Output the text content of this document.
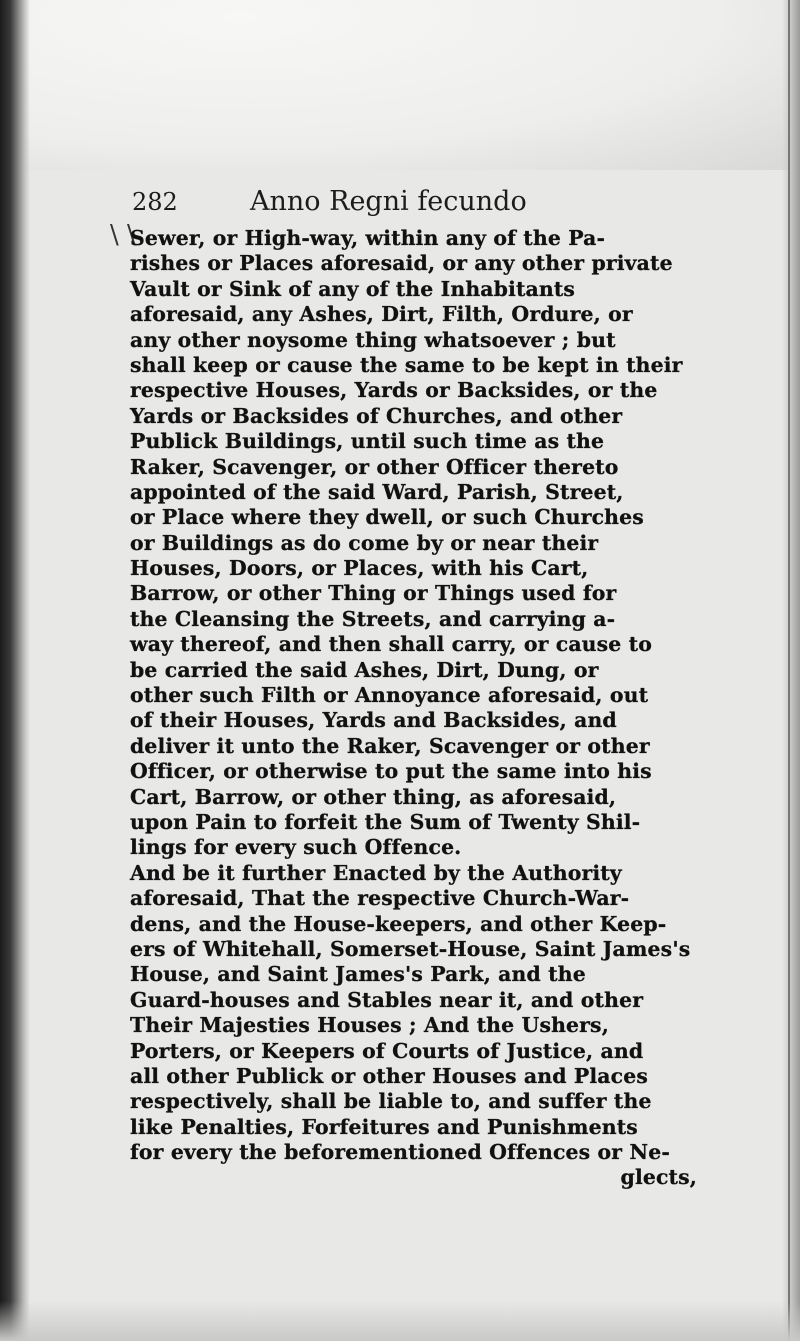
\ \
282	Anno Regni fecundo
Sewer, or High-way, within any of the Pa-
rishes or Places aforesaid, or any other private
Vault or Sink of any of the Inhabitants
aforesaid, any Ashes, Dirt, Filth, Ordure, or
any other noysome thing whatsoever ; but
shall keep or cause the same to be kept in their
respective Houses, Yards or Backsides, or the
Yards or Backsides of Churches, and other
Publick Buildings, until such time as the
Raker, Scavenger, or other Officer thereto
appointed of the said Ward, Parish, Street,
or Place where they dwell, or such Churches
or Buildings as do come by or near their
Houses, Doors, or Places, with his Cart,
Barrow, or other Thing or Things used for
the Cleansing the Streets, and carrying a-
way thereof, and then shall carry, or cause to
be carried the said Ashes, Dirt, Dung, or
other such Filth or Annoyance aforesaid, out
of their Houses, Yards and Backsides, and
deliver it unto the Raker, Scavenger or other
Officer, or otherwise to put the same into his
Cart, Barrow, or other thing, as aforesaid,
upon Pain to forfeit the Sum of Twenty Shil-
lings for every such Offence.
And be it further Enacted by the Authority
aforesaid, That the respective Church-War-
dens, and the House-keepers, and other Keep-
ers of Whitehall, Somerset-House, Saint James's
House, and Saint James's Park, and the
Guard-houses and Stables near it, and other
Their Majesties Houses ; And the Ushers,
Porters, or Keepers of Courts of Justice, and
all other Publick or other Houses and Places
respectively, shall be liable to, and suffer the
like Penalties, Forfeitures and Punishments
for every the beforementioned Offences or Ne-
glects,
